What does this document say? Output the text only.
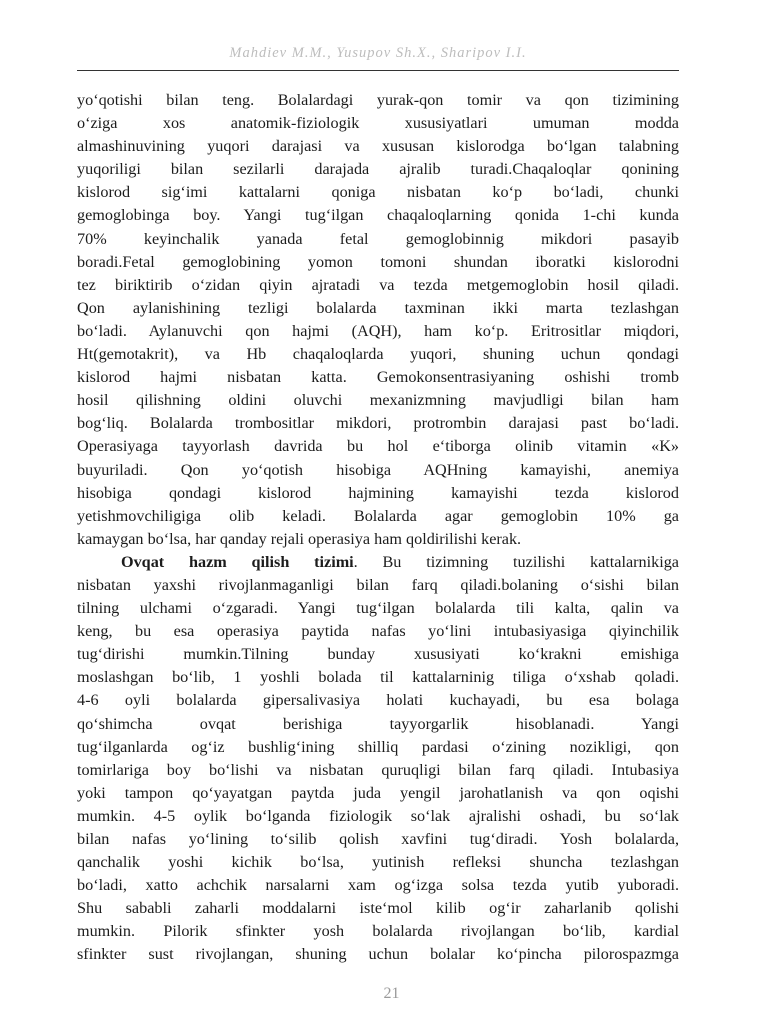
Mahdiev M.M., Yusupov Sh.X., Sharipov I.I.

yo‘qotishi bilan teng. Bolalardagi yurak-qon tomir va qon tizimining

o‘ziga xos anatomik-fiziologik xususiyatlari umuman modda

almashinuvining yuqori darajasi va xususan kislorodga bo‘lgan talabning

yuqoriligi bilan sezilarli darajada ajralib turadi.Chaqaloqlar qonining

kislorod sig‘imi kattalarni qoniga nisbatan ko‘p bo‘ladi, chunki

gemoglobinga boy. Yangi tug‘ilgan chaqaloqlarning qonida 1-chi kunda

70% keyinchalik yanada fetal gemoglobinnig mikdori pasayib

boradi.Fetal gemoglobining yomon tomoni shundan iboratki kislorodni

tez biriktirib o‘zidan qiyin ajratadi va tezda metgemoglobin hosil qiladi.

Qon aylanishining tezligi bolalarda taxminan ikki marta tezlashgan

bo‘ladi. Aylanuvchi qon hajmi (AQH), ham ko‘p. Eritrositlar miqdori,

Ht(gemotakrit), va Hb chaqaloqlarda yuqori, shuning uchun qondagi

kislorod hajmi nisbatan katta. Gemokonsentrasiyaning oshishi tromb

hosil qilishning oldini oluvchi mexanizmning mavjudligi bilan ham

bog‘liq. Bolalarda trombositlar mikdori, protrombin darajasi past bo‘ladi.

Operasiyaga tayyorlash davrida bu hol e‘tiborga olinib vitamin «K»

buyuriladi. Qon yo‘qotish hisobiga AQHning kamayishi, anemiya

hisobiga qondagi kislorod hajmining kamayishi tezda kislorod

yetishmovchiligiga olib keladi. Bolalarda agar gemoglobin 10% ga

kamaygan bo‘lsa, har qanday rejali operasiya ham qoldirilishi kerak.

Ovqat hazm qilish tizimi. Bu tizimning tuzilishi kattalarnikiga

nisbatan yaxshi rivojlanmaganligi bilan farq qiladi.bolaning o‘sishi bilan

tilning ulchami o‘zgaradi. Yangi tug‘ilgan bolalarda tili kalta, qalin va

keng, bu esa operasiya paytida nafas yo‘lini intubasiyasiga qiyinchilik

tug‘dirishi mumkin.Tilning bunday xususiyati ko‘krakni emishiga

moslashgan bo‘lib, 1 yoshli bolada til kattalarninig tiliga o‘xshab qoladi.

4-6 oyli bolalarda gipersalivasiya holati kuchayadi, bu esa bolaga

qo‘shimcha ovqat berishiga tayyorgarlik hisoblanadi. Yangi

tug‘ilganlarda og‘iz bushlig‘ining shilliq pardasi o‘zining nozikligi, qon

tomirlariga boy bo‘lishi va nisbatan quruqligi bilan farq qiladi. Intubasiya

yoki tampon qo‘yayatgan paytda juda yengil jarohatlanish va qon oqishi

mumkin. 4-5 oylik bo‘lganda fiziologik so‘lak ajralishi oshadi, bu so‘lak

bilan nafas yo‘lining to‘silib qolish xavfini tug‘diradi. Yosh bolalarda,

qanchalik yoshi kichik bo‘lsa, yutinish refleksi shuncha tezlashgan

bo‘ladi, xatto achchik narsalarni xam og‘izga solsa tezda yutib yuboradi.

Shu sababli zaharli moddalarni iste‘mol kilib og‘ir zaharlanib qolishi

mumkin. Pilorik sfinkter yosh bolalarda rivojlangan bo‘lib, kardial

sfinkter sust rivojlangan, shuning uchun bolalar ko‘pincha pilorospazmga

21
